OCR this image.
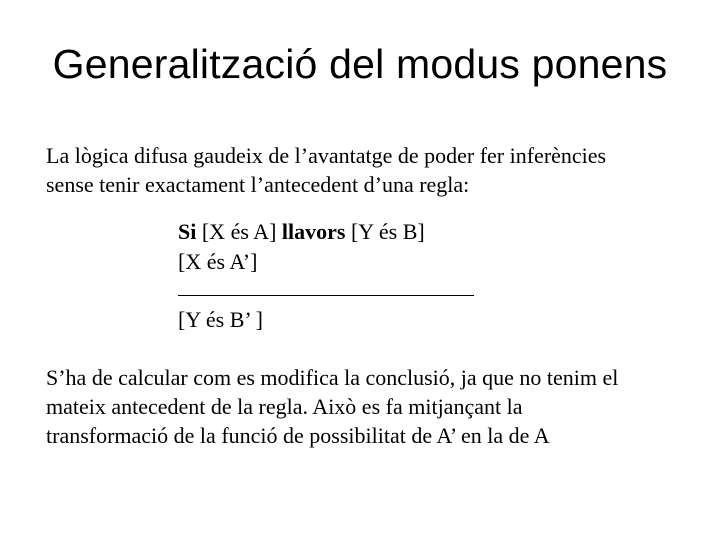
Generalització del modus ponens
La lògica difusa gaudeix de l’avantatge de poder fer inferències
sense tenir exactament l’antecedent d’una regla:
Si [X és A] llavors [Y és B]
[X és A’]
[Y és B’ ]
S’ha de calcular com es modifica la conclusió, ja que no tenim el
mateix antecedent de la regla. Això es fa mitjançant la
transformació de la funció de possibilitat de A’ en la de A
